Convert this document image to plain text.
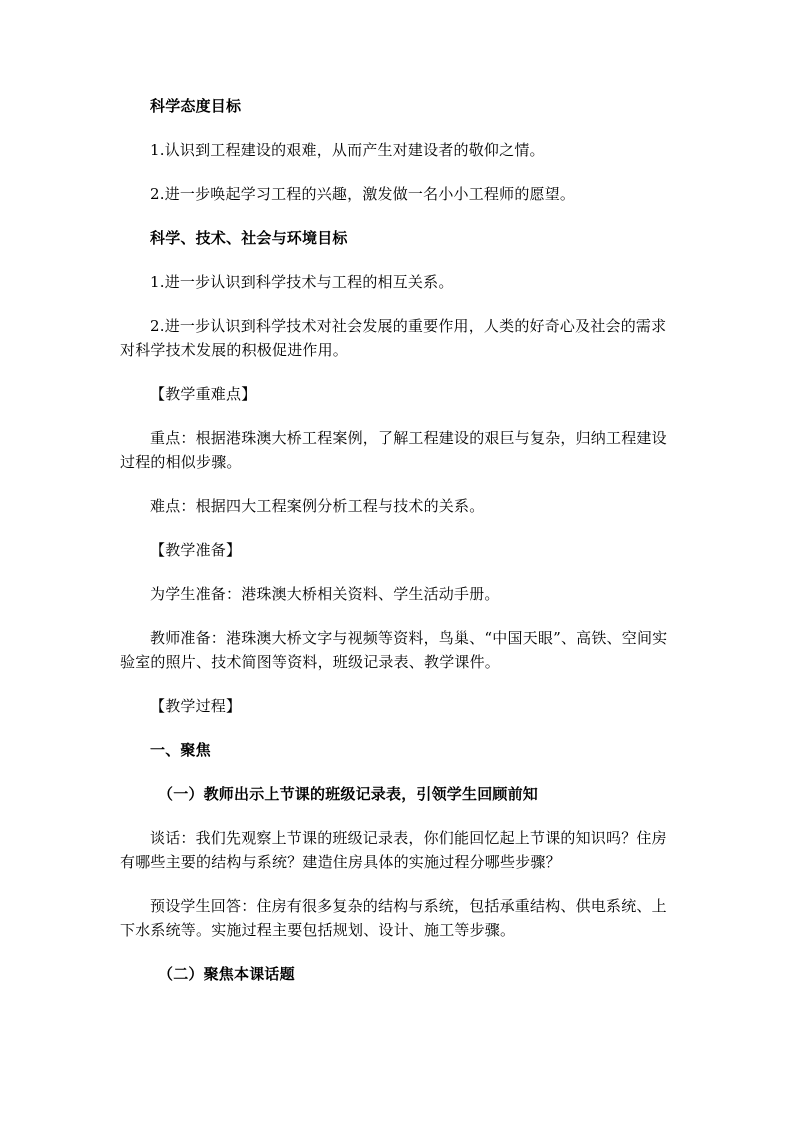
科学态度目标

1.认识到工程建设的艰难，从而产生对建设者的敬仰之情。

2.进一步唤起学习工程的兴趣，激发做一名小小工程师的愿望。

科学、技术、社会与环境目标

1.进一步认识到科学技术与工程的相互关系。

2.进一步认识到科学技术对社会发展的重要作用，人类的好奇心及社会的需求对科学技术发展的积极促进作用。

【教学重难点】

重点：根据港珠澳大桥工程案例，了解工程建设的艰巨与复杂，归纳工程建设过程的相似步骤。

难点：根据四大工程案例分析工程与技术的关系。

【教学准备】

为学生准备：港珠澳大桥相关资料、学生活动手册。

教师准备：港珠澳大桥文字与视频等资料，鸟巢、“中国天眼”、高铁、空间实验室的照片、技术简图等资料，班级记录表、教学课件。

【教学过程】

一、聚焦

（一）教师出示上节课的班级记录表，引领学生回顾前知

谈话：我们先观察上节课的班级记录表，你们能回忆起上节课的知识吗？住房有哪些主要的结构与系统？建造住房具体的实施过程分哪些步骤？

预设学生回答：住房有很多复杂的结构与系统，包括承重结构、供电系统、上下水系统等。实施过程主要包括规划、设计、施工等步骤。

（二）聚焦本课话题
